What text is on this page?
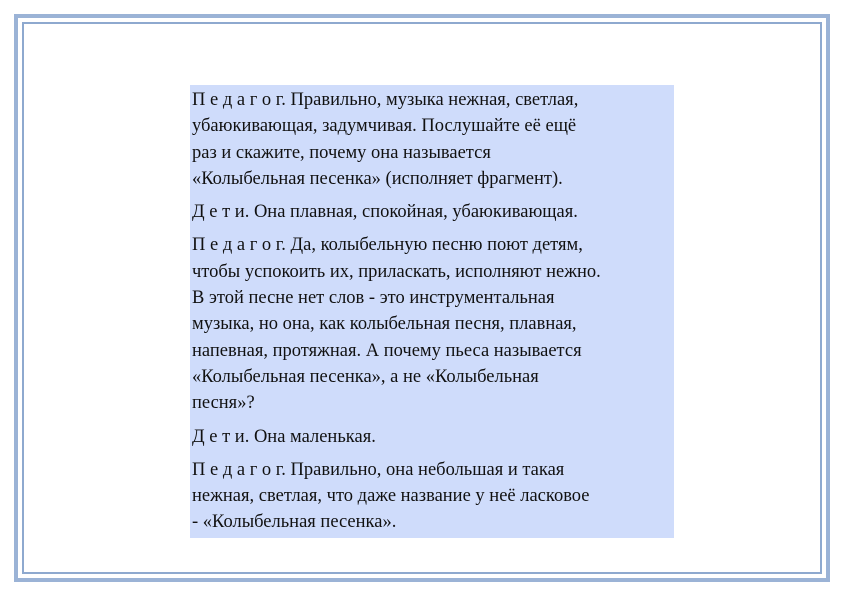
П е д а г о г. Правильно, музыка нежная, светлая,
убаюкивающая, задумчивая. Послушайте её ещё
раз и скажите, почему она называется
«Колыбельная песенка» (исполняет фрагмент).

Д е т и. Она плавная, спокойная, убаюкивающая.

П е д а г о г. Да, колыбельную песню поют детям,
чтобы успокоить их, приласкать, исполняют нежно.
В этой песне нет слов - это инструментальная
музыка, но она, как колыбельная песня, плавная,
напевная, протяжная. А почему пьеса называется
«Колыбельная песенка», а не «Колыбельная
песня»?

Д е т и. Она маленькая.

П е д а г о г. Правильно, она небольшая и такая
нежная, светлая, что даже название у неё ласковое
- «Колыбельная песенка».
